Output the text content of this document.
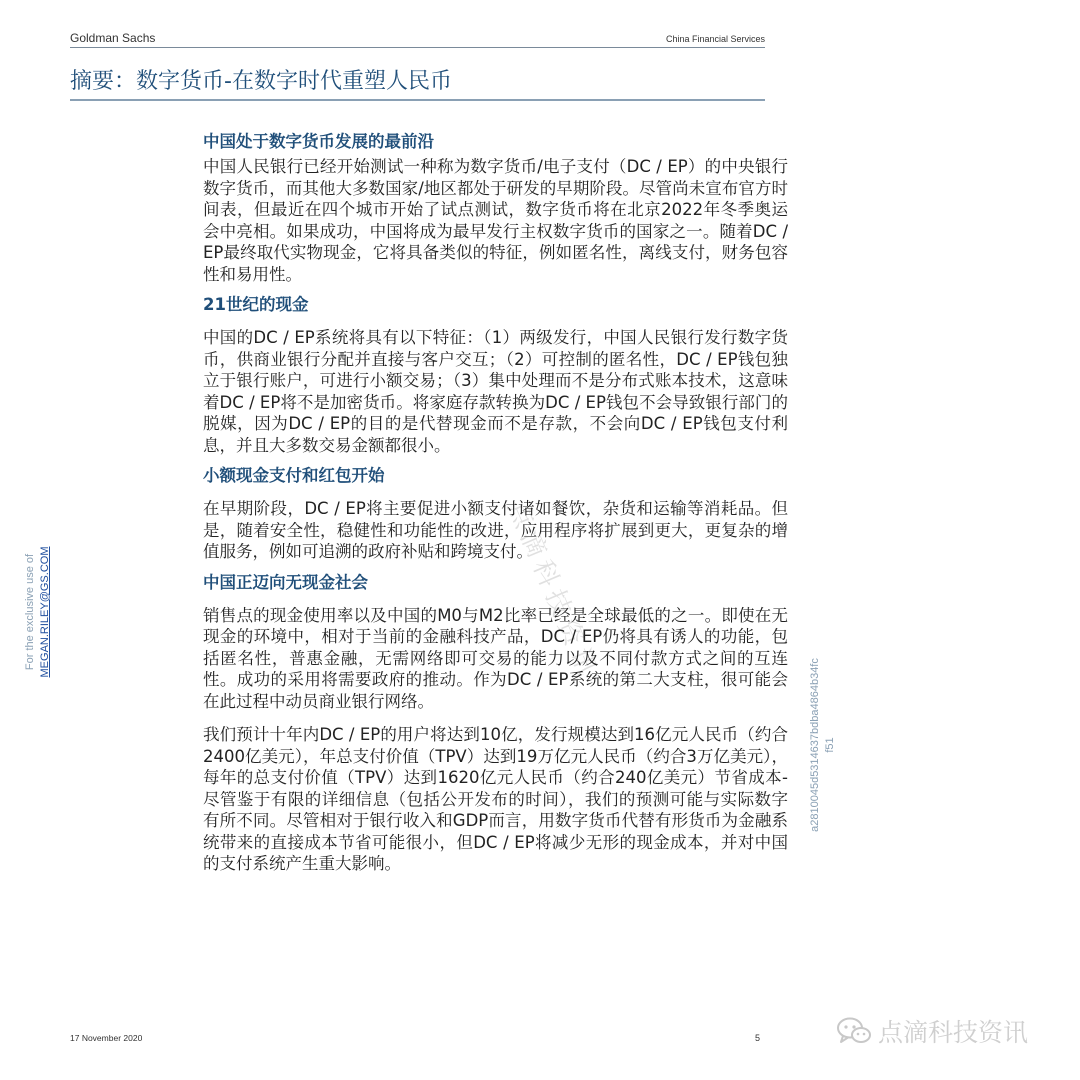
Goldman Sachs	China Financial Services
摘要：数字货币-在数字时代重塑人民币
中国处于数字货币发展的最前沿

中国人民银行已经开始测试一种称为数字货币/电子支付（DC / EP）的中央银行数字货币，而其他大多数国家/地区都处于研发的早期阶段。尽管尚未宣布官方时间表，但最近在四个城市开始了试点测试，数字货币将在北京2022年冬季奥运会中亮相。如果成功，中国将成为最早发行主权数字货币的国家之一。随着DC / EP最终取代实物现金，它将具备类似的特征，例如匿名性，离线支付，财务包容性和易用性。

21世纪的现金

中国的DC / EP系统将具有以下特征：（1）两级发行，中国人民银行发行数字货币，供商业银行分配并直接与客户交互；（2）可控制的匿名性，DC / EP钱包独立于银行账户，可进行小额交易；（3）集中处理而不是分布式账本技术，这意味着DC / EP将不是加密货币。将家庭存款转换为DC / EP钱包不会导致银行部门的脱媒，因为DC / EP的目的是代替现金而不是存款，不会向DC / EP钱包支付利息，并且大多数交易金额都很小。

小额现金支付和红包开始

在早期阶段，DC / EP将主要促进小额支付诸如餐饮，杂货和运输等消耗品。但是，随着安全性，稳健性和功能性的改进，应用程序将扩展到更大，更复杂的增值服务，例如可追溯的政府补贴和跨境支付。

中国正迈向无现金社会

销售点的现金使用率以及中国的M0与M2比率已经是全球最低的之一。即使在无现金的环境中，相对于当前的金融科技产品，DC / EP仍将具有诱人的功能，包括匿名性，普惠金融，无需网络即可交易的能力以及不同付款方式之间的互连性。成功的采用将需要政府的推动。作为DC / EP系统的第二大支柱，很可能会在此过程中动员商业银行网络。

我们预计十年内DC / EP的用户将达到10亿，发行规模达到16亿元人民币（约合2400亿美元），年总支付价值（TPV）达到19万亿元人民币（约合3万亿美元），每年的总支付价值（TPV）达到1620亿元人民币（约合240亿美元）节省成本-尽管鉴于有限的详细信息（包括公开发布的时间），我们的预测可能与实际数字有所不同。尽管相对于银行收入和GDP而言，用数字货币代替有形货币为金融系统带来的直接成本节省可能很小，但DC / EP将减少无形的现金成本，并对中国的支付系统产生重大影响。

For the exclusive use of MEGAN.RILEY@GS.COM
a2810045d5314637bdba4864b34fc f51
点滴科技资讯
17 November 2020	5	点滴科技资讯
